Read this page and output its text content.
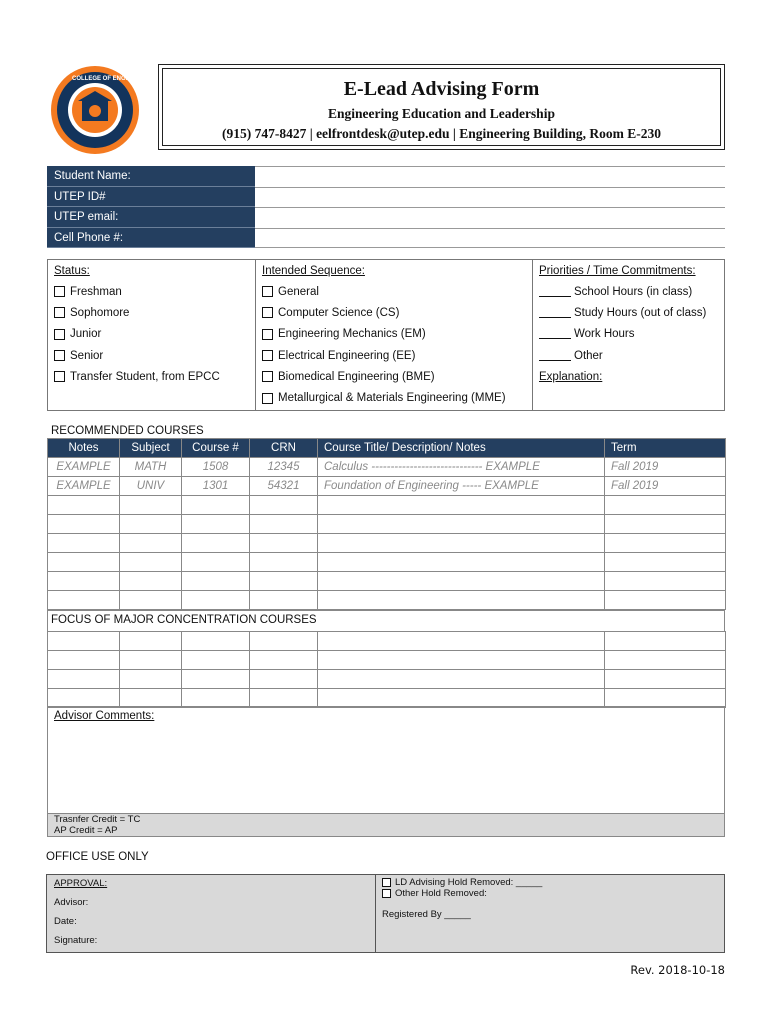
COLLEGE OF ENGINEERING	E-Lead Advising Form
Engineering Education and Leadership
(915) 747-8427 | eelfrontdesk@utep.edu | Engineering Building, Room E-230
Student Name:
UTEP ID#
UTEP email:
Cell Phone #:
Status:
Freshman
Sophomore
Junior
Senior
Transfer Student, from EPCC
Intended Sequence:
General
Computer Science (CS)
Engineering Mechanics (EM)
Electrical Engineering (EE)
Biomedical Engineering (BME)
Metallurgical & Materials Engineering (MME)
Priorities / Time Commitments:
School Hours (in class)
Study Hours (out of class)
Work Hours
Other
Explanation:
RECOMMENDED COURSES
Notes	Subject	Course #	CRN	Course Title/ Description/ Notes	Term
EXAMPLE	MATH	1508	12345	Calculus ----------------------------- EXAMPLE	Fall 2019
EXAMPLE	UNIV	1301	54321	Foundation of Engineering ----- EXAMPLE	Fall 2019

FOCUS OF MAJOR CONCENTRATION COURSES

Advisor Comments:
Trasnfer Credit = TC
AP Credit = AP
OFFICE USE ONLY
APPROVAL:
Advisor:
Date:
Signature:
LD Advising Hold Removed: _____
Other Hold Removed:
Registered By _____
Rev. 2018-10-18
